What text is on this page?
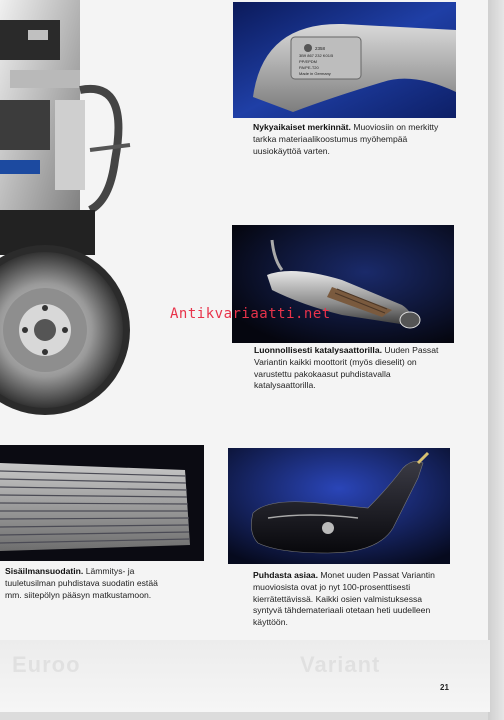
Euroo	Variant
2358
3B9 867 232 K01/5
PP/EPDM
PA/PE-T20
Made in Germany
Nykyaikaiset merkinnät. Muoviosiin on merkitty tarkka materiaalikoostumus myöhempää uusiokäyttöä varten.
Luonnollisesti katalysaattorilla. Uuden Passat Variantin kaikki moottorit (myös dieselit) on varustettu pakokaasut puhdistavalla katalysaattorilla.
Sisäilmansuodatin. Lämmitys- ja tuuletusilman puhdistava suodatin estää mm. siitepölyn pääsyn matkustamoon.
Puhdasta asiaa. Monet uuden Passat Variantin muoviosista ovat jo nyt 100-prosenttisesti kierrätettävissä. Kaikki osien valmistuksessa syntyvä tähdemateriaali otetaan heti uudelleen käyttöön.
Antikvariaatti.net
21
